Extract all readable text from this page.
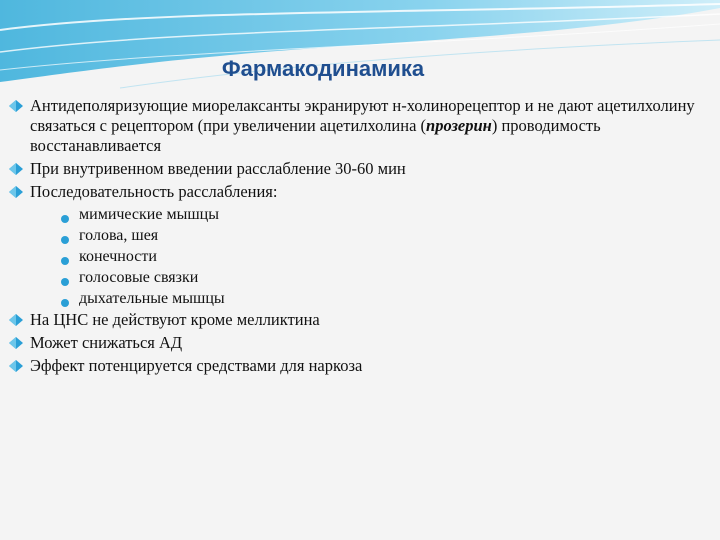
Фармакодинамика
Антидеполяризующие миорелаксанты экранируют н-холинорецептор и не дают ацетилхолину связаться с рецептором (при увеличении ацетилхолина (прозерин) проводимость восстанавливается
При внутривенном введении расслабление 30-60 мин
Последовательность расслабления:
мимические мышцы
голова, шея
конечности
голосовые связки
дыхательные мышцы
На ЦНС не действуют кроме мелликтина
Может снижаться АД
Эффект потенцируется средствами для наркоза
